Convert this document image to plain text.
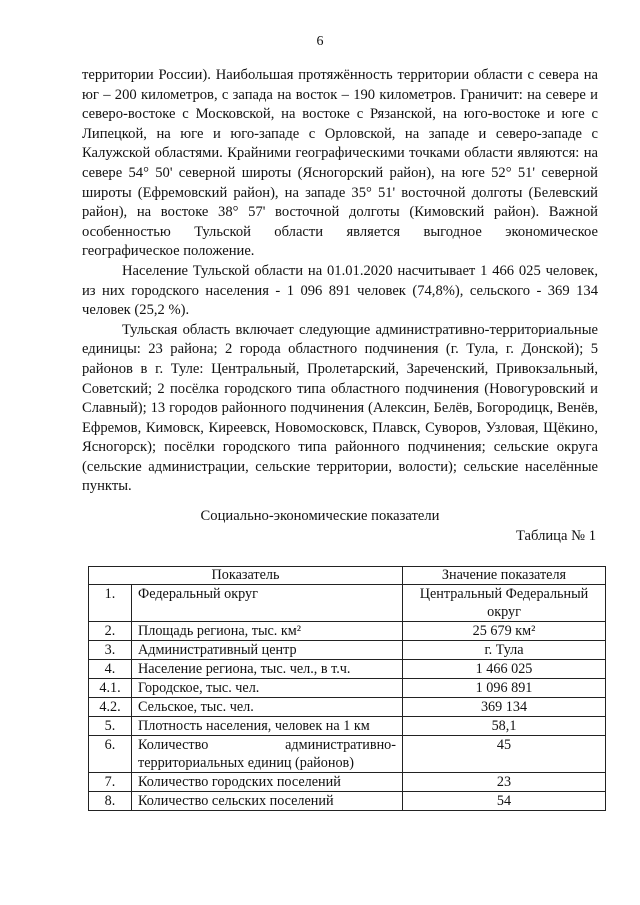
6

территории России). Наибольшая протяжённость территории области с севера на юг – 200 километров, с запада на восток – 190 километров. Граничит: на севере и северо-востоке с Московской, на востоке с Рязанской, на юго-востоке и юге с Липецкой, на юге и юго-западе с Орловской, на западе и северо-западе с Калужской областями. Крайними географическими точками области являются: на севере 54° 50' северной широты (Ясногорский район), на юге 52° 51' северной широты (Ефремовский район), на западе 35° 51' восточной долготы (Белевский район), на востоке 38° 57' восточной долготы (Кимовский район). Важной особенностью Тульской области является выгодное экономическое географическое положение.

Население Тульской области на 01.01.2020 насчитывает 1 466 025 человек, из них городского населения - 1 096 891 человек (74,8%), сельского - 369 134 человек (25,2 %).

Тульская область включает следующие административно-территориальные единицы: 23 района; 2 города областного подчинения (г. Тула, г. Донской); 5 районов в г. Туле: Центральный, Пролетарский, Зареченский, Привокзальный, Советский; 2 посёлка городского типа областного подчинения (Новогуровский и Славный); 13 городов районного подчинения (Алексин, Белёв, Богородицк, Венёв, Ефремов, Кимовск, Киреевск, Новомосковск, Плавск, Суворов, Узловая, Щёкино, Ясногорск); посёлки городского типа районного подчинения; сельские округа (сельские администрации, сельские территории, волости); сельские населённые пункты.

Социально-экономические показатели
Таблица № 1
Показатель		Значение показателя
1.	Федеральный округ	Центральный Федеральный округ
2.	Площадь региона, тыс. км²	25 679 км²
3.	Административный центр	г. Тула
4.	Население региона, тыс. чел., в т.ч.	1 466 025
4.1.	Городское, тыс. чел.	1 096 891
4.2.	Сельское, тыс. чел.	369 134
5.	Плотность населения, человек на 1 км	58,1
6.	Количество административно-территориальных единиц (районов)	45
7.	Количество городских поселений	23
8.	Количество сельских поселений	54
